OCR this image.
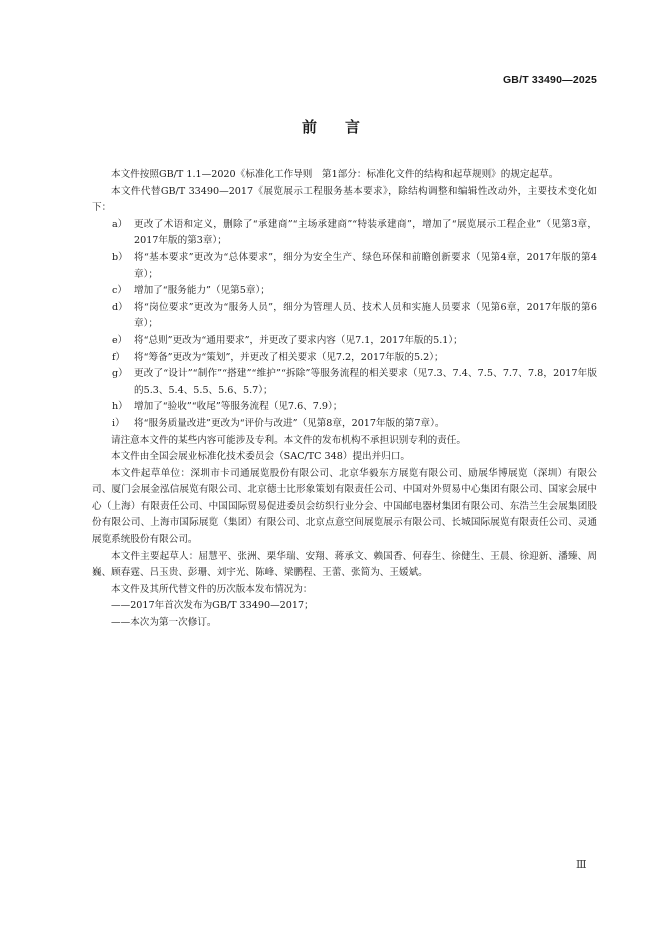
GB/T 33490—2025
前 言

本文件按照GB/T 1.1—2020《标准化工作导则　第1部分：标准化文件的结构和起草规则》的规定起草。

本文件代替GB/T 33490—2017《展览展示工程服务基本要求》，除结构调整和编辑性改动外，主要技术变化如下：

a） 更改了术语和定义，删除了“承建商”“主场承建商”“特装承建商”，增加了“展览展示工程企业”（见第3章，2017年版的第3章）；
b） 将“基本要求”更改为“总体要求”，细分为安全生产、绿色环保和前瞻创新要求（见第4章，2017年版的第4章）；
c） 增加了“服务能力”（见第5章）；
d） 将“岗位要求”更改为“服务人员”，细分为管理人员、技术人员和实施人员要求（见第6章，2017年版的第6章）；
e） 将“总则”更改为“通用要求”，并更改了要求内容（见7.1，2017年版的5.1）；
f） 将“筹备”更改为“策划”，并更改了相关要求（见7.2，2017年版的5.2）；
g） 更改了“设计”“制作”“搭建”“维护”“拆除”等服务流程的相关要求（见7.3、7.4、7.5、7.7、7.8，2017年版的5.3、5.4、5.5、5.6、5.7）；
h） 增加了“验收”“收尾”等服务流程（见7.6、7.9）；
i） 将“服务质量改进”更改为“评价与改进”（见第8章，2017年版的第7章）。

请注意本文件的某些内容可能涉及专利。本文件的发布机构不承担识别专利的责任。

本文件由全国会展业标准化技术委员会（SAC/TC 348）提出并归口。

本文件起草单位：深圳市卡司通展览股份有限公司、北京华毅东方展览有限公司、励展华博展览（深圳）有限公司、厦门会展金泓信展览有限公司、北京德士比形象策划有限责任公司、中国对外贸易中心集团有限公司、国家会展中心（上海）有限责任公司、中国国际贸易促进委员会纺织行业分会、中国邮电器材集团有限公司、东浩兰生会展集团股份有限公司、上海市国际展览（集团）有限公司、北京点意空间展览展示有限公司、长城国际展览有限责任公司、灵通展览系统股份有限公司。

本文件主要起草人：屈慧平、张洲、栗华瑞、安翔、蒋承文、赖国香、何春生、徐健生、王晨、徐迎新、潘臻、周巍、顾春霆、吕玉贵、彭珊、刘宇光、陈峰、梁鹏程、王蕾、张简为、王媛斌。

本文件及其所代替文件的历次版本发布情况为：

——2017年首次发布为GB/T 33490—2017；

——本次为第一次修订。

Ⅲ
